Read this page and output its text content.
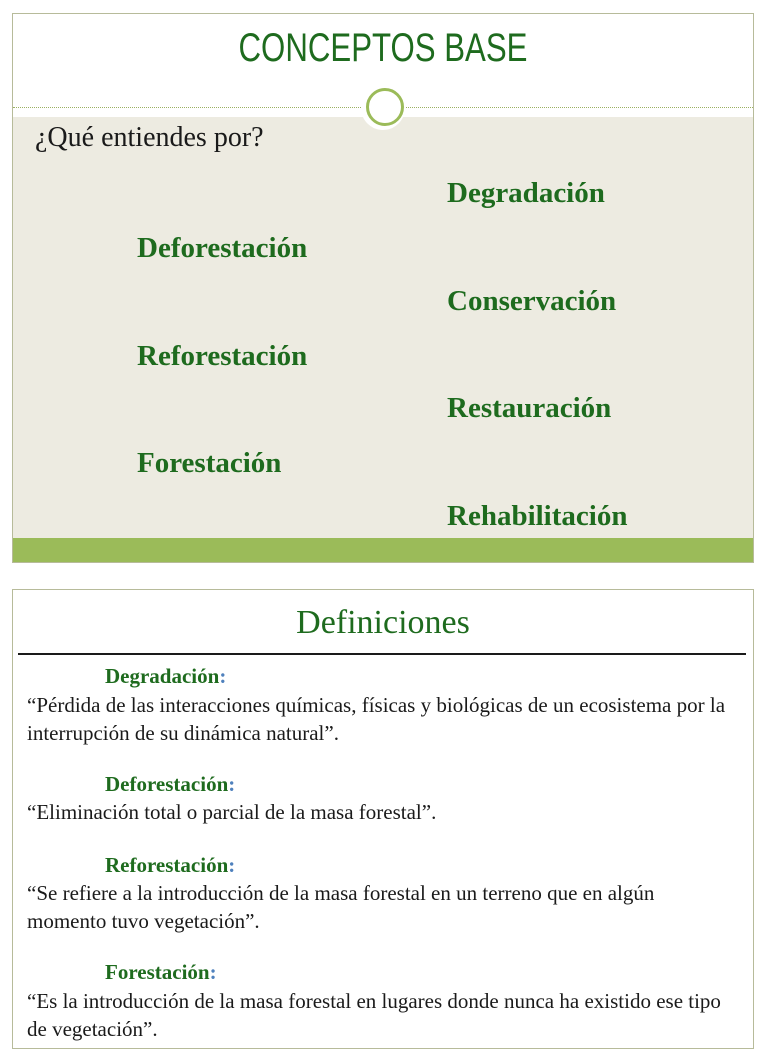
CONCEPTOS BASE
¿Qué entiendes por?
Degradación
Deforestación
Conservación
Reforestación
Restauración
Forestación
Rehabilitación
Definiciones
Degradación:
“Pérdida de las interacciones químicas, físicas y biológicas de un ecosistema por la interrupción de su dinámica natural”.
Deforestación:
“Eliminación total o parcial de la masa forestal”.
Reforestación:
“Se refiere a la introducción de la masa forestal en un terreno que en algún momento tuvo vegetación”.
Forestación:
“Es la introducción de la masa forestal en lugares donde nunca ha existido ese tipo de vegetación”.
